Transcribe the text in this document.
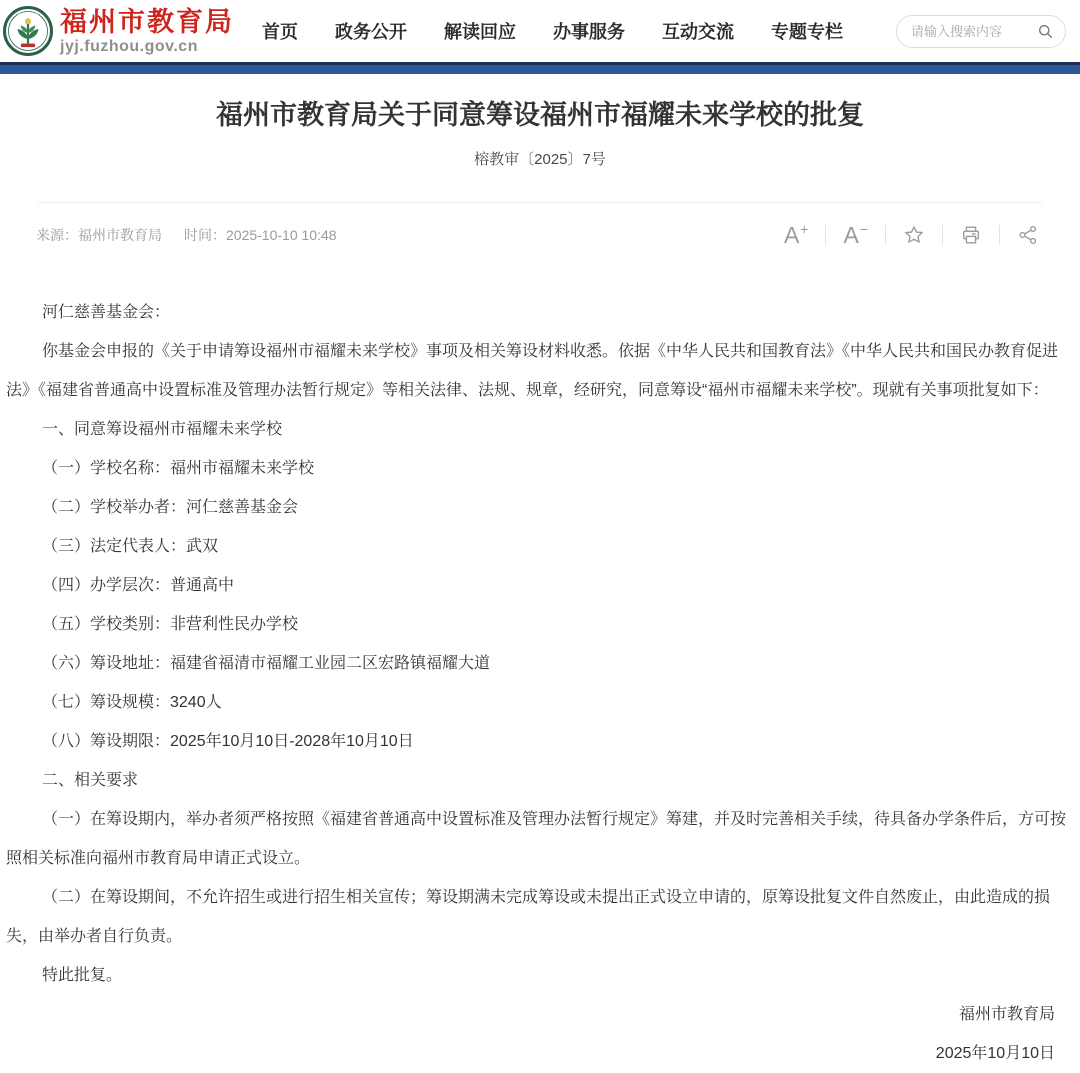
福州市教育局
jyj.fuzhou.gov.cn
首页 政务公开 解读回应 办事服务 互动交流 专题专栏
请输入搜索内容
福州市教育局关于同意筹设福州市福耀未来学校的批复
榕教审〔2025〕7号
来源：福州市教育局 时间：2025-10-10 10:48	A + A −

河仁慈善基金会：

你基金会申报的《关于申请筹设福州市福耀未来学校》事项及相关筹设材料收悉。依据《中华人民共和国教育法》《中华人民共和国民办教育促进法》《福建省普通高中设置标准及管理办法暂行规定》等相关法律、法规、规章，经研究，同意筹设“福州市福耀未来学校”。现就有关事项批复如下：

一、同意筹设福州市福耀未来学校

（一）学校名称：福州市福耀未来学校

（二）学校举办者：河仁慈善基金会

（三）法定代表人：武双

（四）办学层次：普通高中

（五）学校类别：非营利性民办学校

（六）筹设地址：福建省福清市福耀工业园二区宏路镇福耀大道

（七）筹设规模：3240人

（八）筹设期限：2025年10月10日-2028年10月10日

二、相关要求

（一）在筹设期内，举办者须严格按照《福建省普通高中设置标准及管理办法暂行规定》筹建，并及时完善相关手续，待具备办学条件后，方可按照相关标准向福州市教育局申请正式设立。

（二）在筹设期间，不允许招生或进行招生相关宣传；筹设期满未完成筹设或未提出正式设立申请的，原筹设批复文件自然废止，由此造成的损失，由举办者自行负责。

特此批复。

福州市教育局
2025年10月10日
